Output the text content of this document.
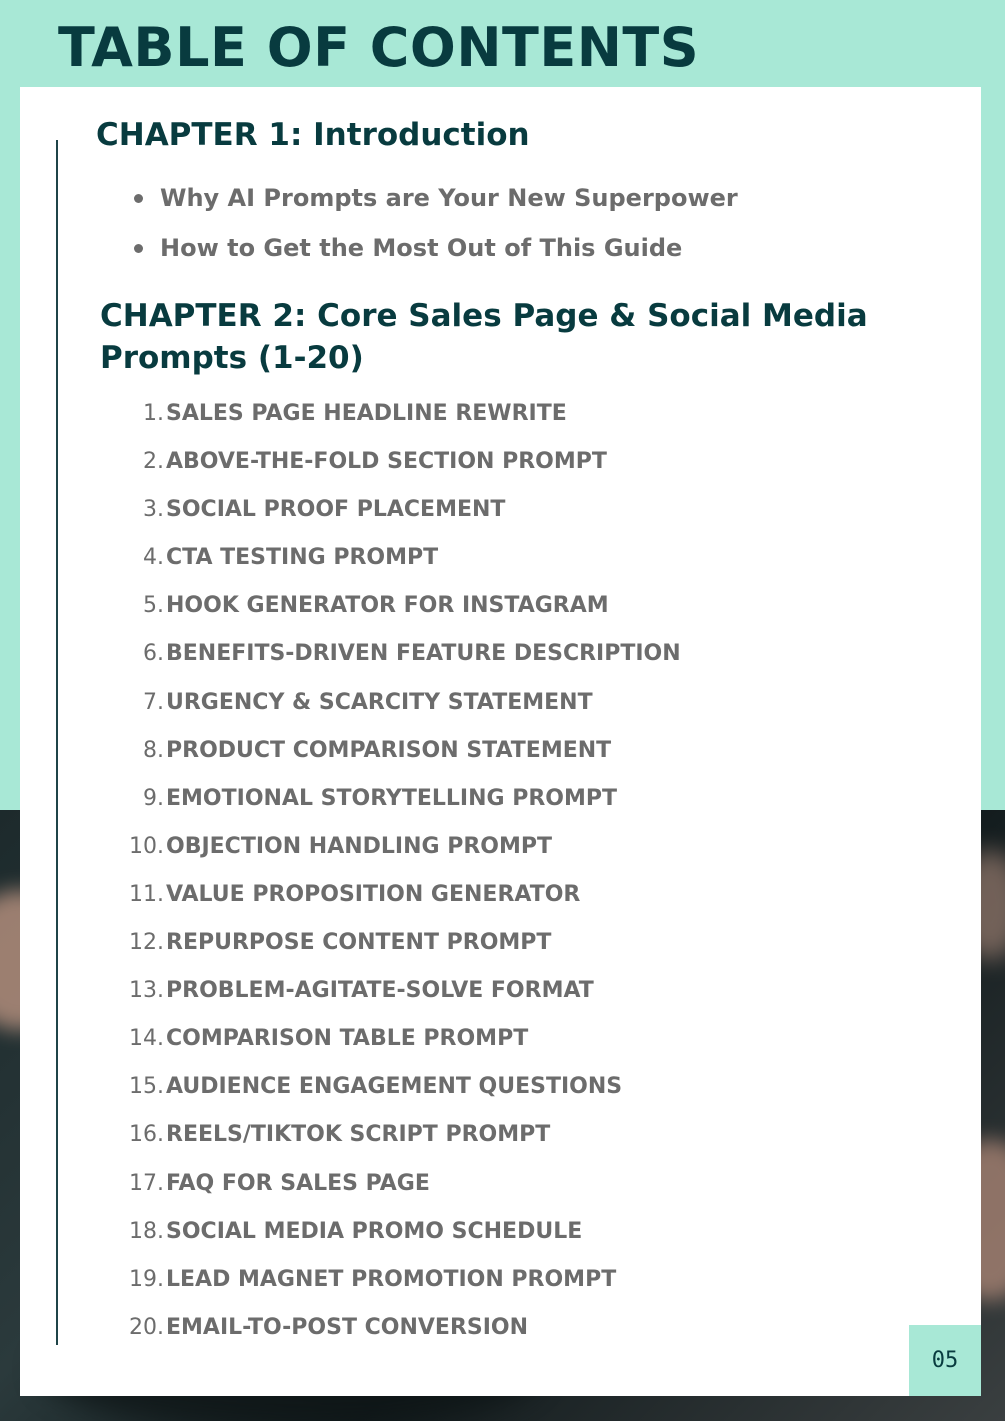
TABLE OF CONTENTS
CHAPTER 1: Introduction
Why AI Prompts are Your New Superpower
How to Get the Most Out of This Guide
CHAPTER 2: Core Sales Page & Social Media Prompts (1-20)
1. SALES PAGE HEADLINE REWRITE
2. ABOVE-THE-FOLD SECTION PROMPT
3. SOCIAL PROOF PLACEMENT
4. CTA TESTING PROMPT
5. HOOK GENERATOR FOR INSTAGRAM
6. BENEFITS-DRIVEN FEATURE DESCRIPTION
7. URGENCY & SCARCITY STATEMENT
8. PRODUCT COMPARISON STATEMENT
9. EMOTIONAL STORYTELLING PROMPT
10. OBJECTION HANDLING PROMPT
11. VALUE PROPOSITION GENERATOR
12. REPURPOSE CONTENT PROMPT
13. PROBLEM-AGITATE-SOLVE FORMAT
14. COMPARISON TABLE PROMPT
15. AUDIENCE ENGAGEMENT QUESTIONS
16. REELS/TIKTOK SCRIPT PROMPT
17. FAQ FOR SALES PAGE
18. SOCIAL MEDIA PROMO SCHEDULE
19. LEAD MAGNET PROMOTION PROMPT
20. EMAIL-TO-POST CONVERSION
05
